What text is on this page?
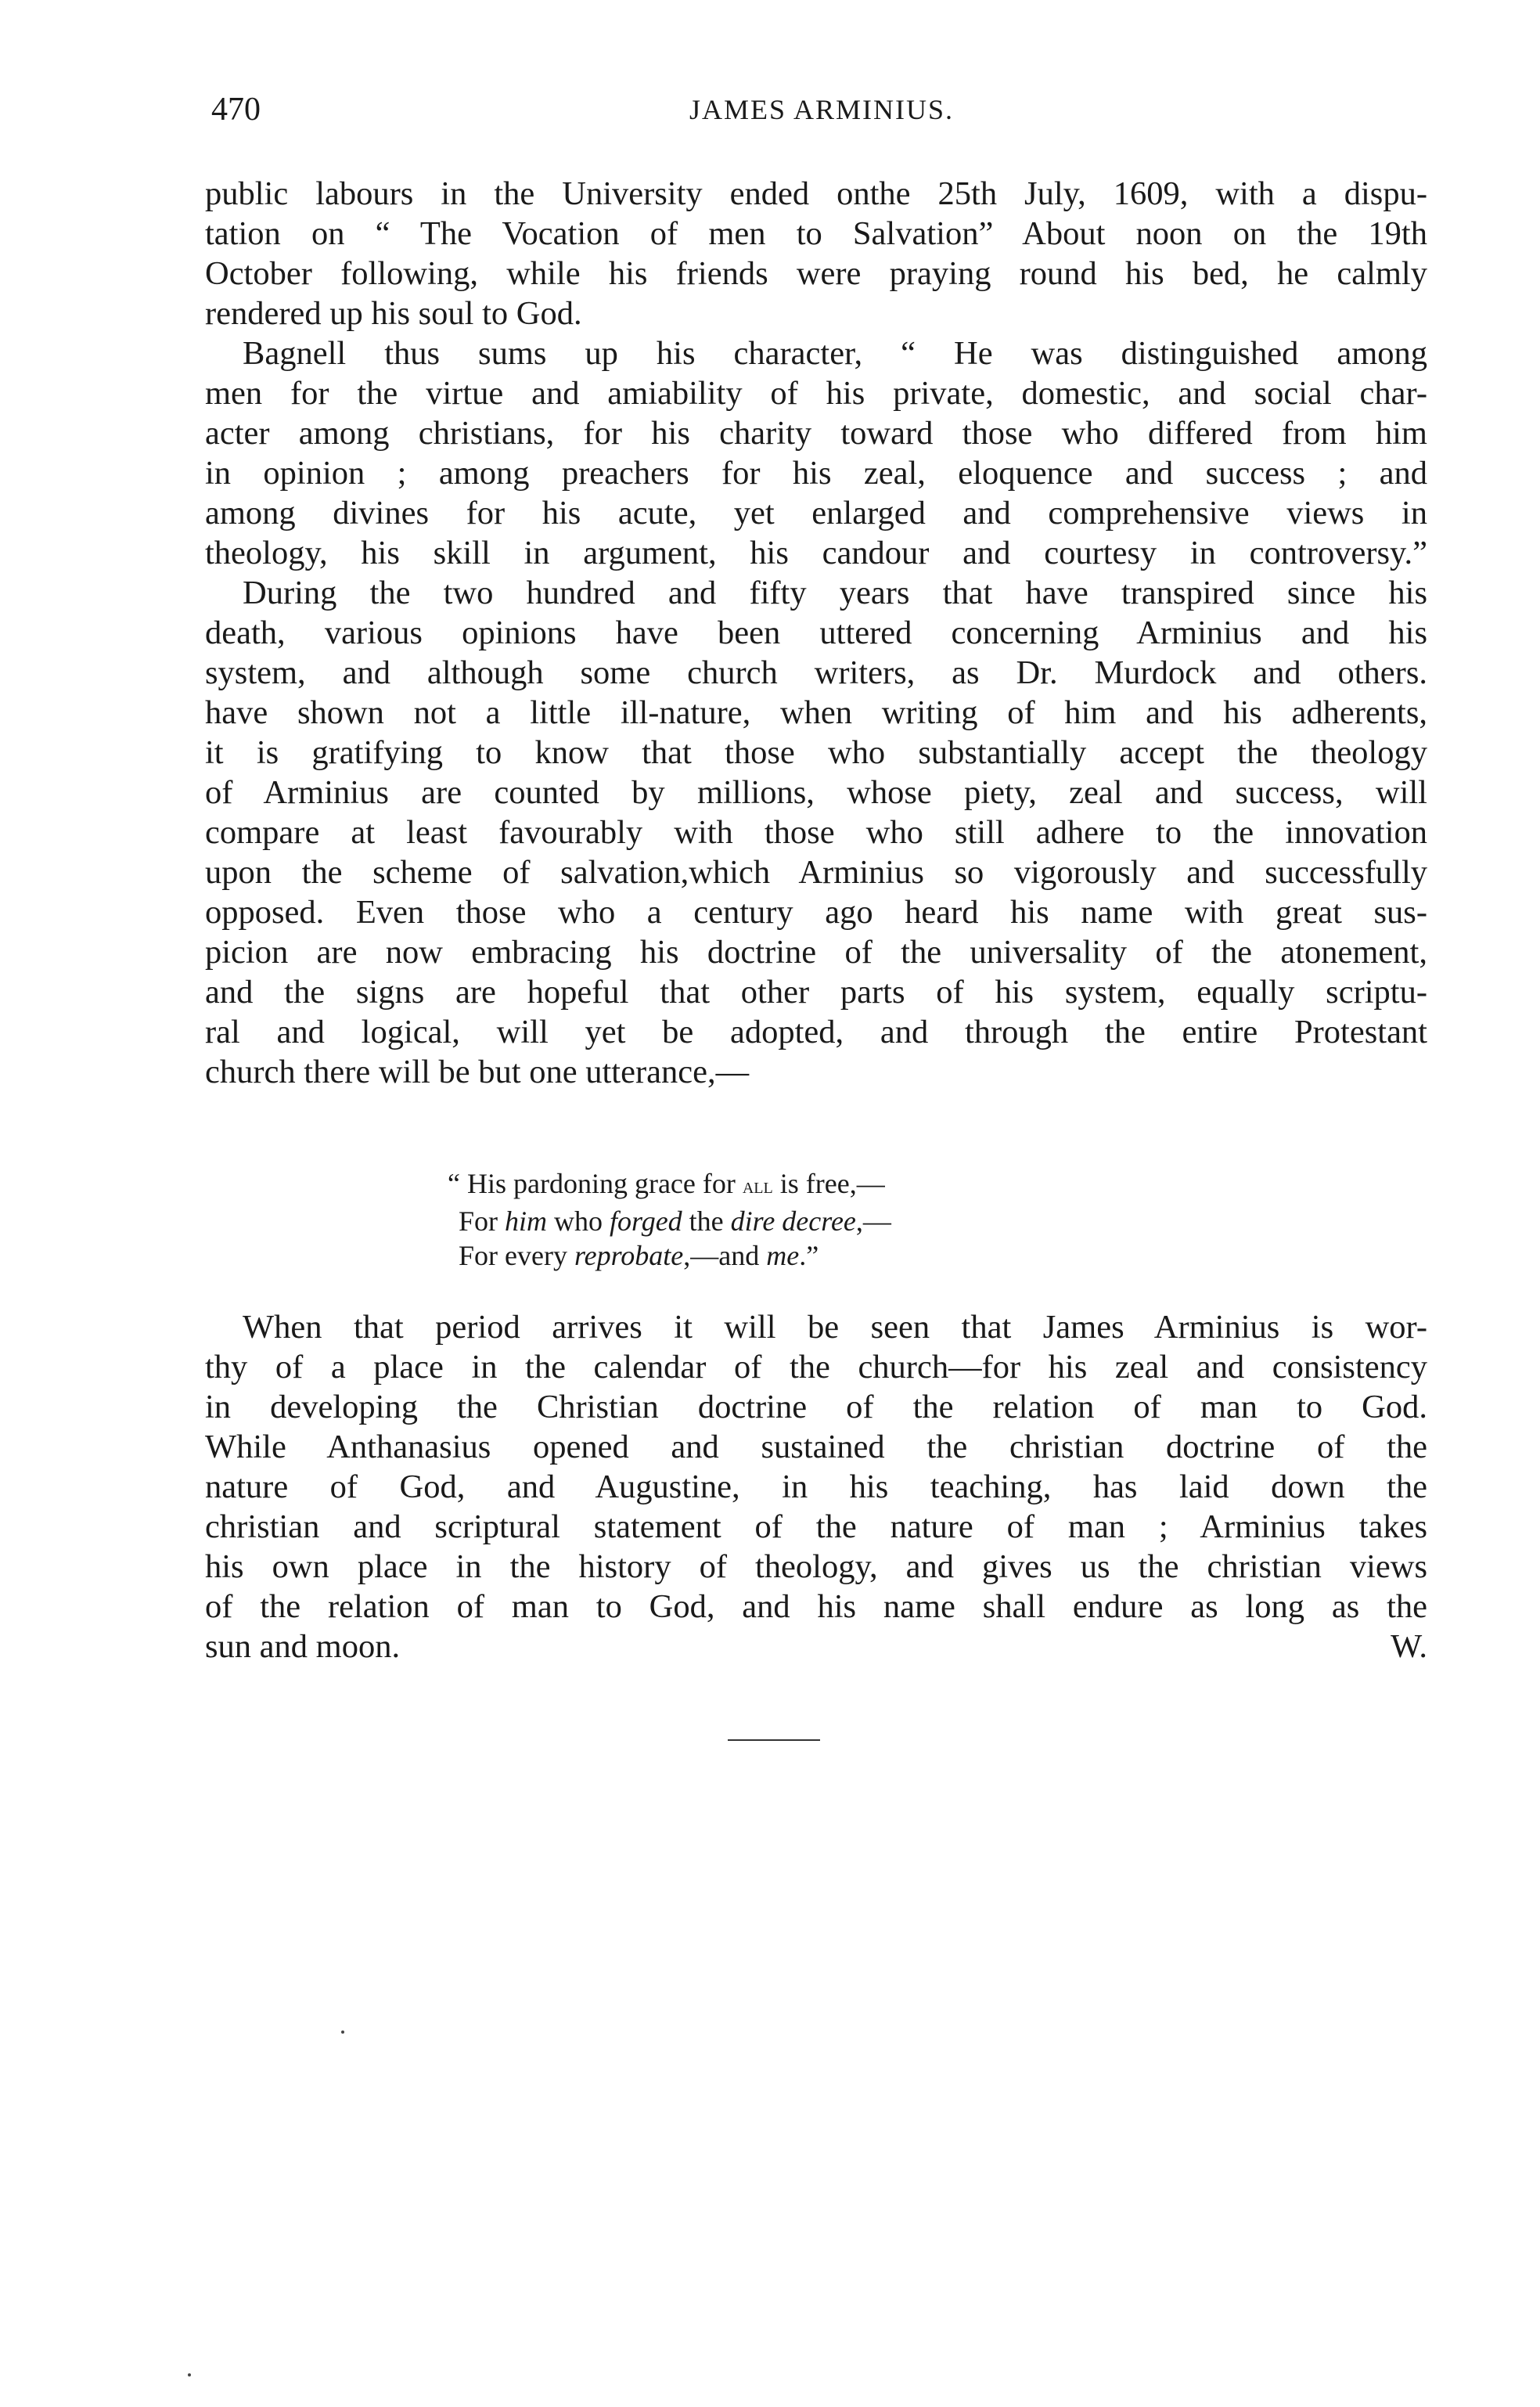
470	JAMES ARMINIUS.
public labours in the University ended onthe 25th July, 1609, with a dispu-
tation on “ The Vocation of men to Salvation” About noon on the 19th
October following, while his friends were praying round his bed, he calmly
rendered up his soul to God.
Bagnell thus sums up his character, “ He was distinguished among
men for the virtue and amiability of his private, domestic, and social char-
acter among christians, for his charity toward those who differed from him
in opinion ; among preachers for his zeal, eloquence and success ; and
among divines for his acute, yet enlarged and comprehensive views in
theology, his skill in argument, his candour and courtesy in controversy.”
During the two hundred and fifty years that have transpired since his
death, various opinions have been uttered concerning Arminius and his
system, and although some church writers, as Dr. Murdock and others.
have shown not a little ill-nature, when writing of him and his adherents,
it is gratifying to know that those who substantially accept the theology
of Arminius are counted by millions, whose piety, zeal and success, will
compare at least favourably with those who still adhere to the innovation
upon the scheme of salvation,which Arminius so vigorously and successfully
opposed. Even those who a century ago heard his name with great sus-
picion are now embracing his doctrine of the universality of the atonement,
and the signs are hopeful that other parts of his system, equally scriptu-
ral and logical, will yet be adopted, and through the entire Protestant
church there will be but one utterance,—
“ His pardoning grace for all is free,—
For him who forged the dire decree,—
For every reprobate,—and me.”
When that period arrives it will be seen that James Arminius is wor-
thy of a place in the calendar of the church—for his zeal and consistency
in developing the Christian doctrine of the relation of man to God.
While Anthanasius opened and sustained the christian doctrine of the
nature of God, and Augustine, in his teaching, has laid down the
christian and scriptural statement of the nature of man ; Arminius takes
his own place in the history of theology, and gives us the christian views
of the relation of man to God, and his name shall endure as long as the
sun and moon.	W.
